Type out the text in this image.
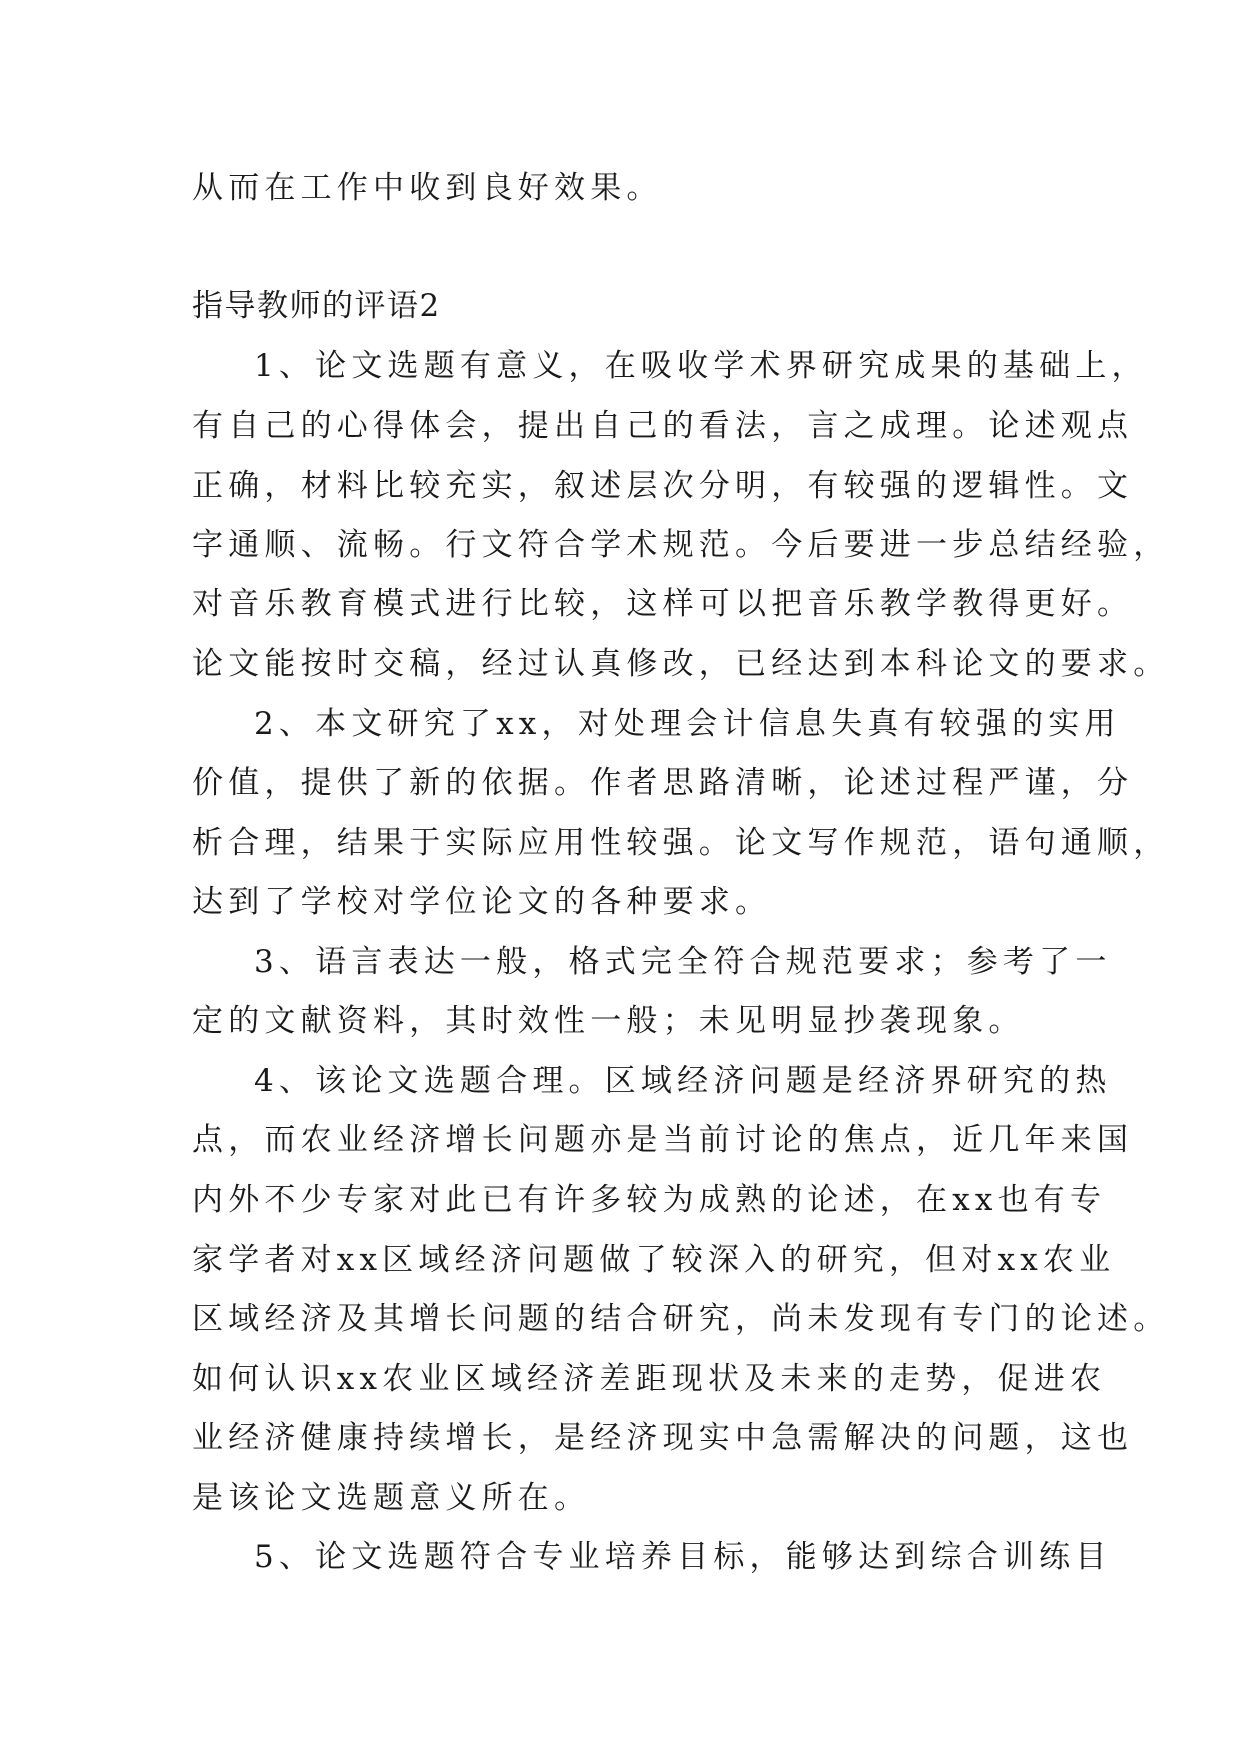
从而在工作中收到良好效果。
指导教师的评语2
1、论文选题有意义，在吸收学术界研究成果的基础上，
有自己的心得体会，提出自己的看法，言之成理。论述观点
正确，材料比较充实，叙述层次分明，有较强的逻辑性。文
字通顺、流畅。行文符合学术规范。今后要进一步总结经验，
对音乐教育模式进行比较，这样可以把音乐教学教得更好。
论文能按时交稿，经过认真修改，已经达到本科论文的要求。
2、本文研究了xx，对处理会计信息失真有较强的实用
价值，提供了新的依据。作者思路清晰，论述过程严谨，分
析合理，结果于实际应用性较强。论文写作规范，语句通顺，
达到了学校对学位论文的各种要求。
3、语言表达一般，格式完全符合规范要求；参考了一
定的文献资料，其时效性一般；未见明显抄袭现象。
4、该论文选题合理。区域经济问题是经济界研究的热
点，而农业经济增长问题亦是当前讨论的焦点，近几年来国
内外不少专家对此已有许多较为成熟的论述，在xx也有专
家学者对xx区域经济问题做了较深入的研究，但对xx农业
区域经济及其增长问题的结合研究，尚未发现有专门的论述。
如何认识xx农业区域经济差距现状及未来的走势，促进农
业经济健康持续增长，是经济现实中急需解决的问题，这也
是该论文选题意义所在。
5、论文选题符合专业培养目标，能够达到综合训练目
